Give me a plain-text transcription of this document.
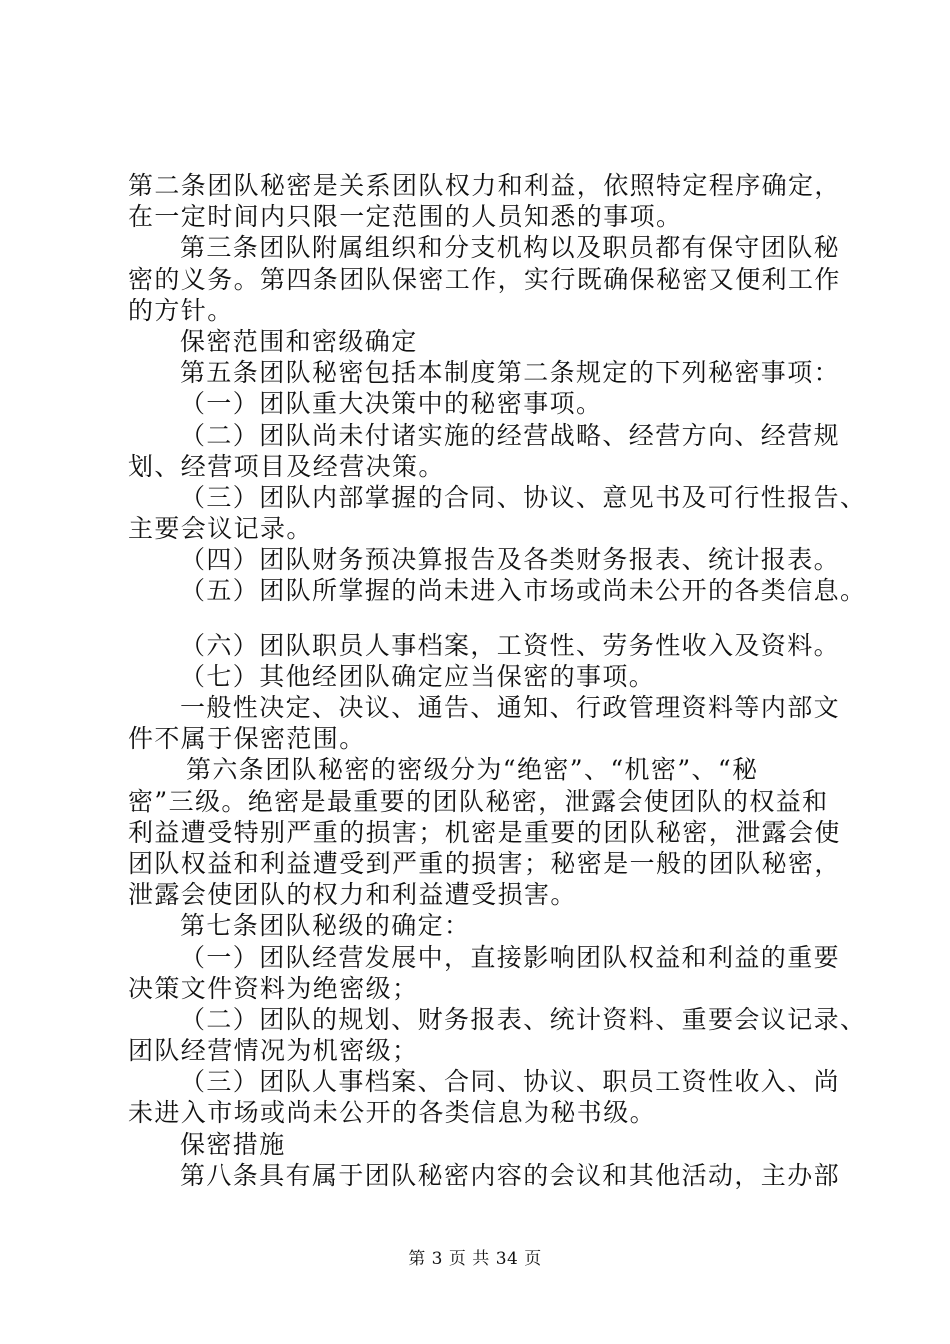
第二条团队秘密是关系团队权力和利益，依照特定程序确定，
在一定时间内只限一定范围的人员知悉的事项。
第三条团队附属组织和分支机构以及职员都有保守团队秘
密的义务。第四条团队保密工作，实行既确保秘密又便利工作
的方针。
保密范围和密级确定
第五条团队秘密包括本制度第二条规定的下列秘密事项：
（一）团队重大决策中的秘密事项。
（二）团队尚未付诸实施的经营战略、经营方向、经营规
划、经营项目及经营决策。
（三）团队内部掌握的合同、协议、意见书及可行性报告、
主要会议记录。
（四）团队财务预决算报告及各类财务报表、统计报表。
（五）团队所掌握的尚未进入市场或尚未公开的各类信息。
（六）团队职员人事档案，工资性、劳务性收入及资料。
（七）其他经团队确定应当保密的事项。
一般性决定、决议、通告、通知、行政管理资料等内部文
件不属于保密范围。
第六条团队秘密的密级分为“绝密”、“机密”、“秘
密”三级。绝密是最重要的团队秘密，泄露会使团队的权益和
利益遭受特别严重的损害；机密是重要的团队秘密，泄露会使
团队权益和利益遭受到严重的损害；秘密是一般的团队秘密，
泄露会使团队的权力和利益遭受损害。
第七条团队秘级的确定：
（一）团队经营发展中，直接影响团队权益和利益的重要
决策文件资料为绝密级；
（二）团队的规划、财务报表、统计资料、重要会议记录、
团队经营情况为机密级；
（三）团队人事档案、合同、协议、职员工资性收入、尚
未进入市场或尚未公开的各类信息为秘书级。
保密措施
第八条具有属于团队秘密内容的会议和其他活动，主办部
第 3 页 共 34 页
